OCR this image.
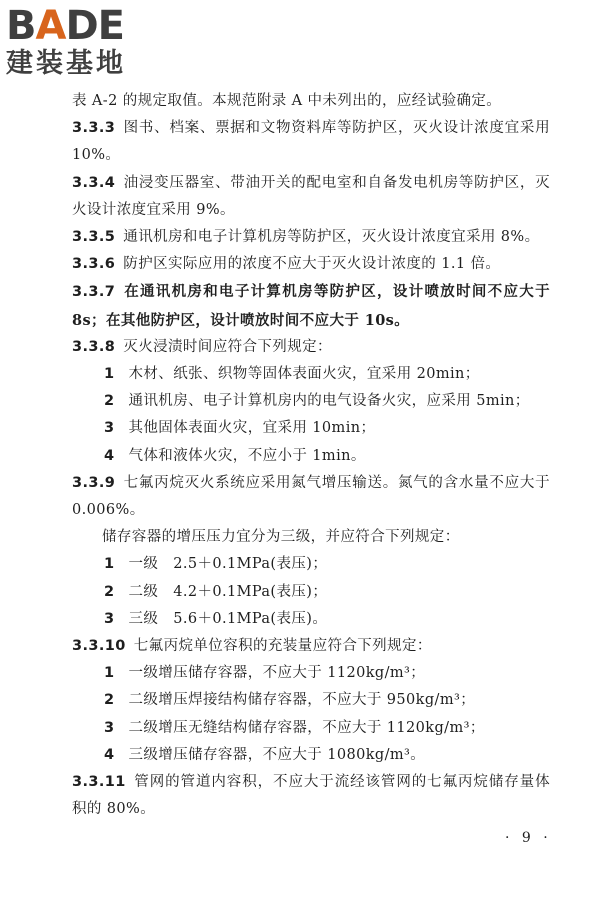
BADE
建装基地

表 A-2 的规定取值。本规范附录 A 中未列出的，应经试验确定。

3.3.3 图书、档案、票据和文物资料库等防护区，灭火设计浓度宜采用 10%。

3.3.4 油浸变压器室、带油开关的配电室和自备发电机房等防护区，灭火设计浓度宜采用 9%。

3.3.5 通讯机房和电子计算机房等防护区，灭火设计浓度宜采用 8%。

3.3.6 防护区实际应用的浓度不应大于灭火设计浓度的 1.1 倍。

3.3.7 在通讯机房和电子计算机房等防护区，设计喷放时间不应大于 8s；在其他防护区，设计喷放时间不应大于 10s。

3.3.8 灭火浸渍时间应符合下列规定：

1 木材、纸张、织物等固体表面火灾，宜采用 20min；

2 通讯机房、电子计算机房内的电气设备火灾，应采用 5min；

3 其他固体表面火灾，宜采用 10min；

4 气体和液体火灾，不应小于 1min。

3.3.9 七氟丙烷灭火系统应采用氮气增压输送。氮气的含水量不应大于 0.006%。

储存容器的增压压力宜分为三级，并应符合下列规定：

1 一级　2.5＋0.1MPa(表压)；

2 二级　4.2＋0.1MPa(表压)；

3 三级　5.6＋0.1MPa(表压)。

3.3.10 七氟丙烷单位容积的充装量应符合下列规定：

1 一级增压储存容器，不应大于 1120kg/m³；

2 二级增压焊接结构储存容器，不应大于 950kg/m³；

3 二级增压无缝结构储存容器，不应大于 1120kg/m³；

4 三级增压储存容器，不应大于 1080kg/m³。

3.3.11 管网的管道内容积，不应大于流经该管网的七氟丙烷储存量体积的 80%。

· 9 ·
